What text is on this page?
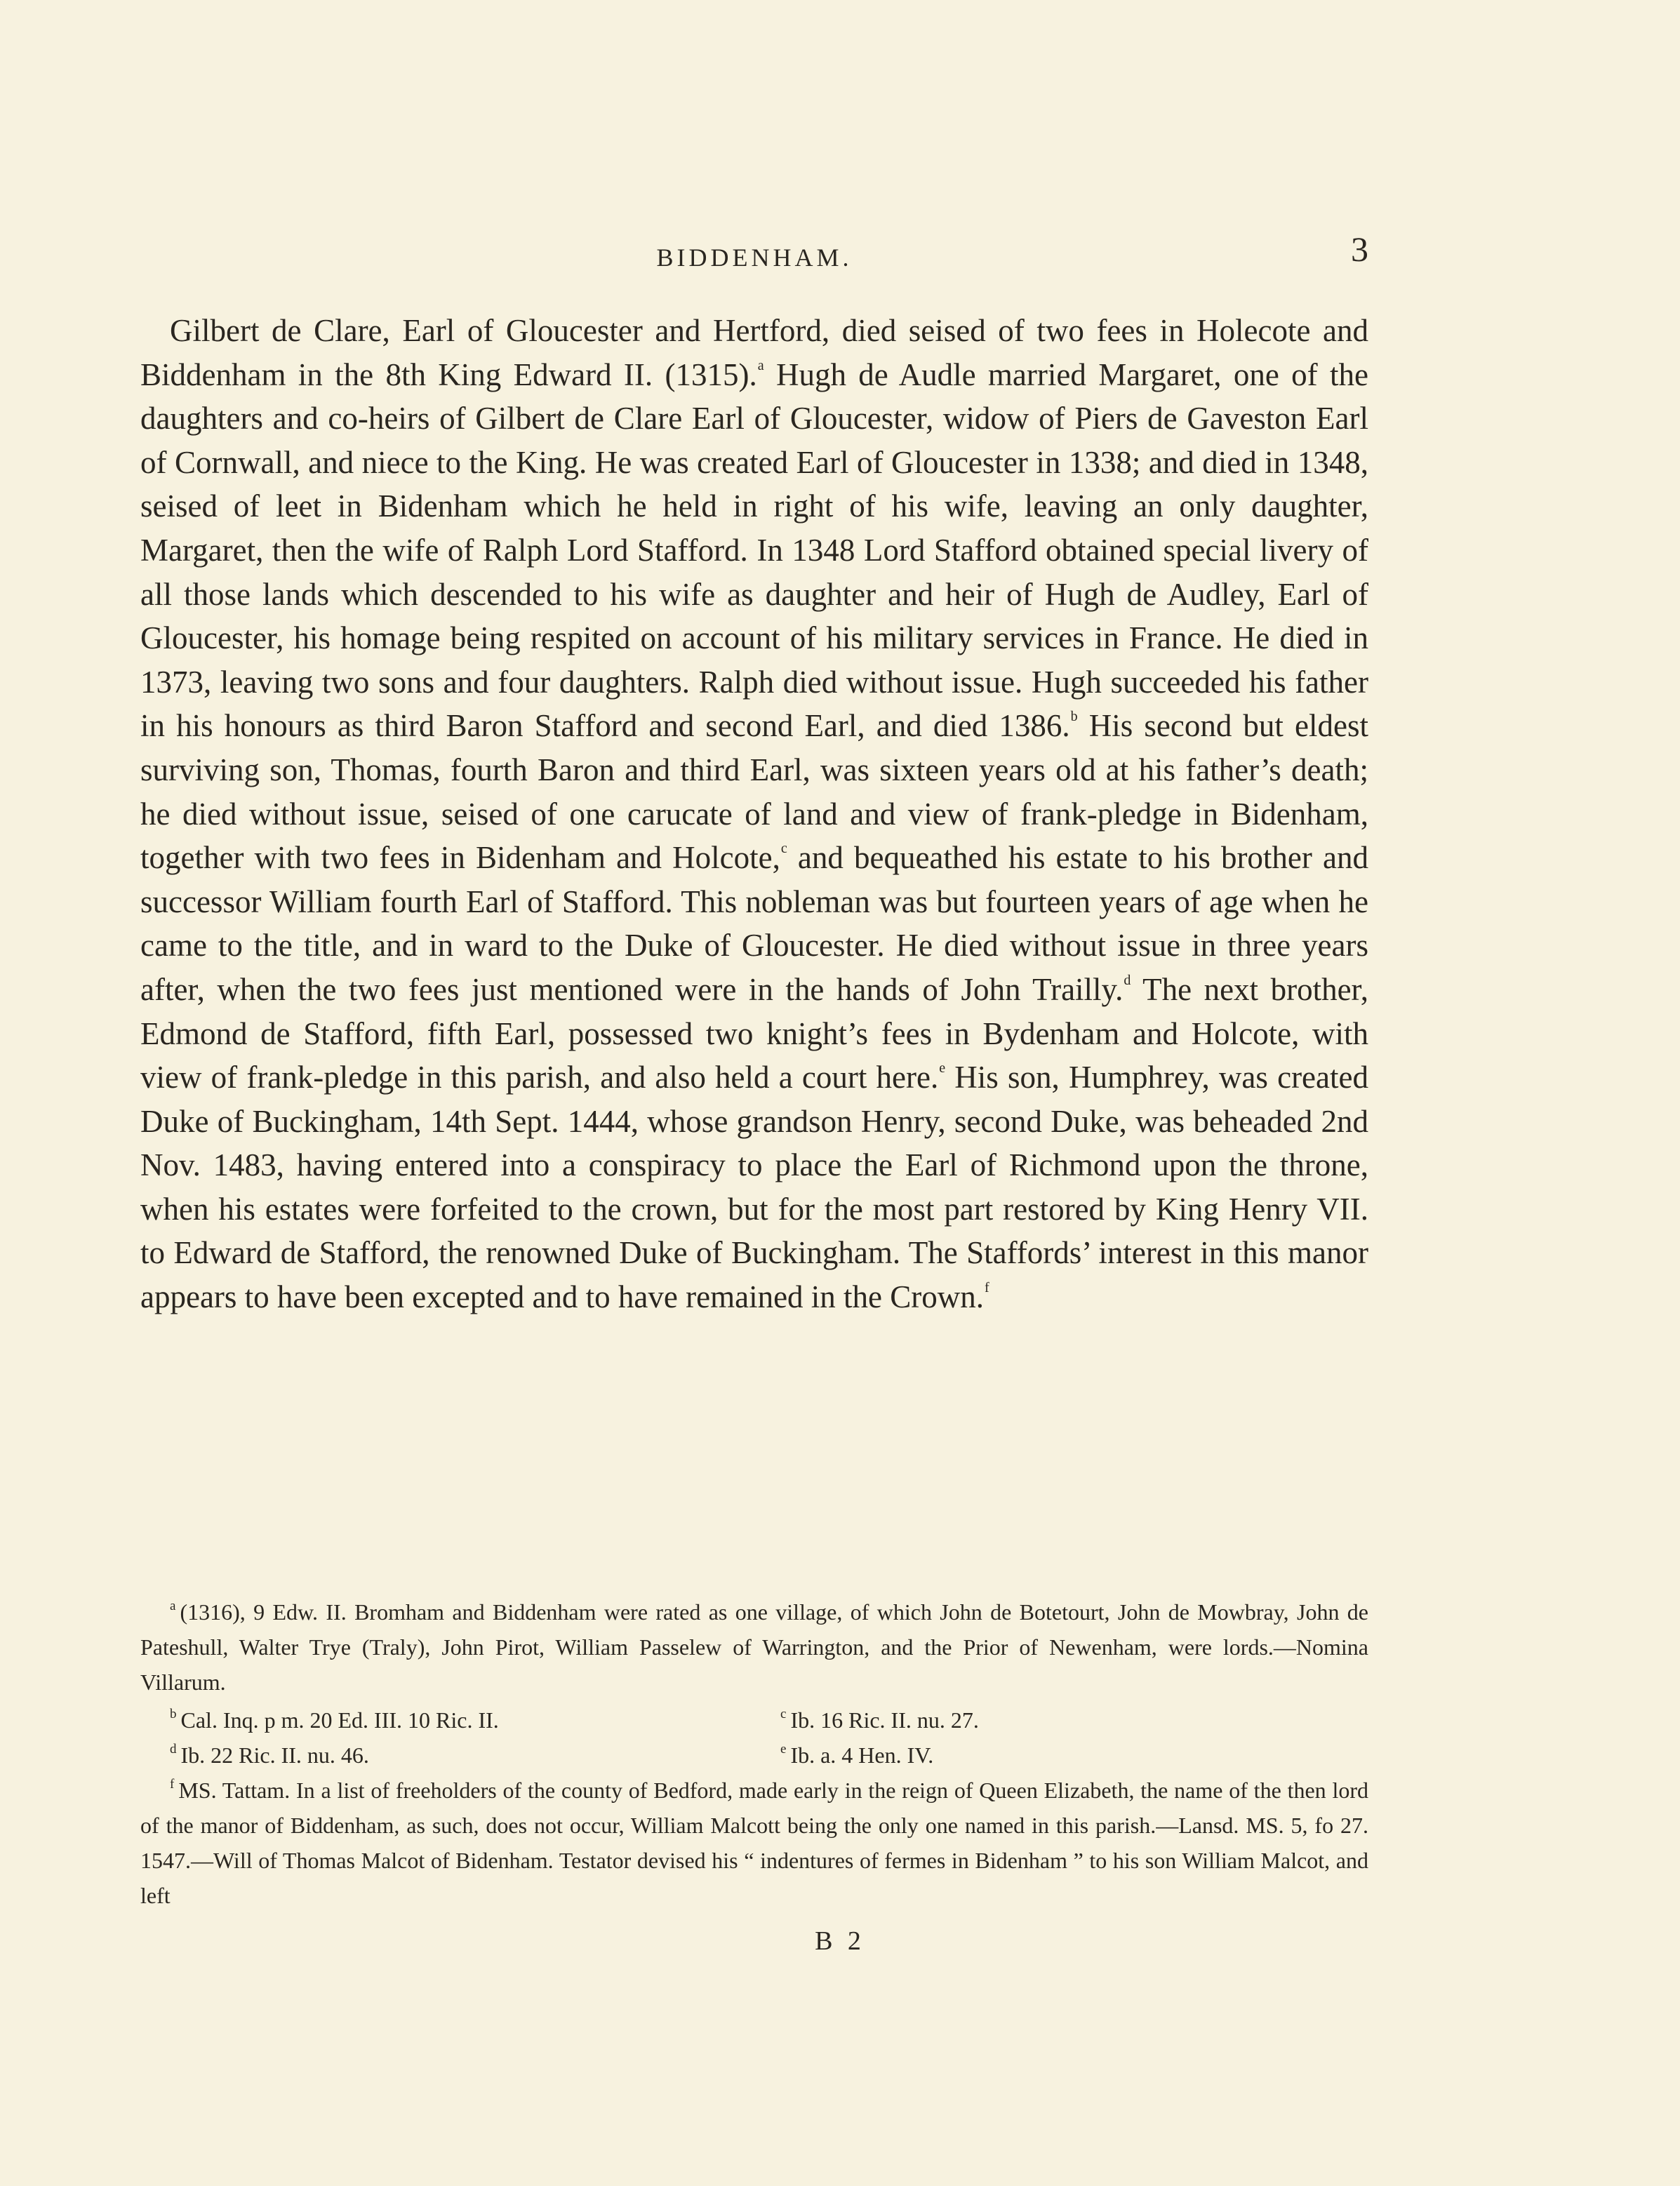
BIDDENHAM.	3

Gilbert de Clare, Earl of Gloucester and Hertford, died seised of two fees in Holecote and Biddenham in the 8th King Edward II. (1315).$^a$ Hugh de Audle married Margaret, one of the daughters and co-heirs of Gilbert de Clare Earl of Gloucester, widow of Piers de Gaveston Earl of Cornwall, and niece to the King. He was created Earl of Gloucester in 1338; and died in 1348, seised of leet in Bidenham which he held in right of his wife, leaving an only daughter, Margaret, then the wife of Ralph Lord Stafford. In 1348 Lord Stafford obtained special livery of all those lands which descended to his wife as daughter and heir of Hugh de Audley, Earl of Gloucester, his homage being respited on account of his military services in France. He died in 1373, leaving two sons and four daughters. Ralph died without issue. Hugh succeeded his father in his honours as third Baron Stafford and second Earl, and died 1386.$^b$ His second but eldest surviving son, Thomas, fourth Baron and third Earl, was sixteen years old at his father’s death; he died without issue, seised of one carucate of land and view of frank-pledge in Bidenham, together with two fees in Bidenham and Holcote,$^c$ and bequeathed his estate to his brother and successor William fourth Earl of Stafford. This nobleman was but fourteen years of age when he came to the title, and in ward to the Duke of Gloucester. He died without issue in three years after, when the two fees just mentioned were in the hands of John Trailly.$^d$ The next brother, Edmond de Stafford, fifth Earl, possessed two knight’s fees in Bydenham and Holcote, with view of frank-pledge in this parish, and also held a court here.$^e$ His son, Humphrey, was created Duke of Buckingham, 14th Sept. 1444, whose grandson Henry, second Duke, was beheaded 2nd Nov. 1483, having entered into a conspiracy to place the Earl of Richmond upon the throne, when his estates were forfeited to the crown, but for the most part restored by King Henry VII. to Edward de Stafford, the renowned Duke of Buckingham. The Staffords’ interest in this manor appears to have been excepted and to have remained in the Crown.$^f$

$^a$ (1316), 9 Edw. II. Bromham and Biddenham were rated as one village, of which John de Botetourt, John de Mowbray, John de Pateshull, Walter Trye (Traly), John Pirot, William Passelew of Warrington, and the Prior of Newenham, were lords.—Nomina Villarum.

$^b$ Cal. Inq. p m. 20 Ed. III. 10 Ric. II.	$^c$ Ib. 16 Ric. II. nu. 27.
$^d$ Ib. 22 Ric. II. nu. 46.	$^e$ Ib. a. 4 Hen. IV.

$^f$ MS. Tattam. In a list of freeholders of the county of Bedford, made early in the reign of Queen Elizabeth, the name of the then lord of the manor of Biddenham, as such, does not occur, William Malcott being the only one named in this parish.—Lansd. MS. 5, fo 27. 1547.—Will of Thomas Malcot of Bidenham. Testator devised his “ indentures of fermes in Bidenham ” to his son William Malcot, and left

B 2
